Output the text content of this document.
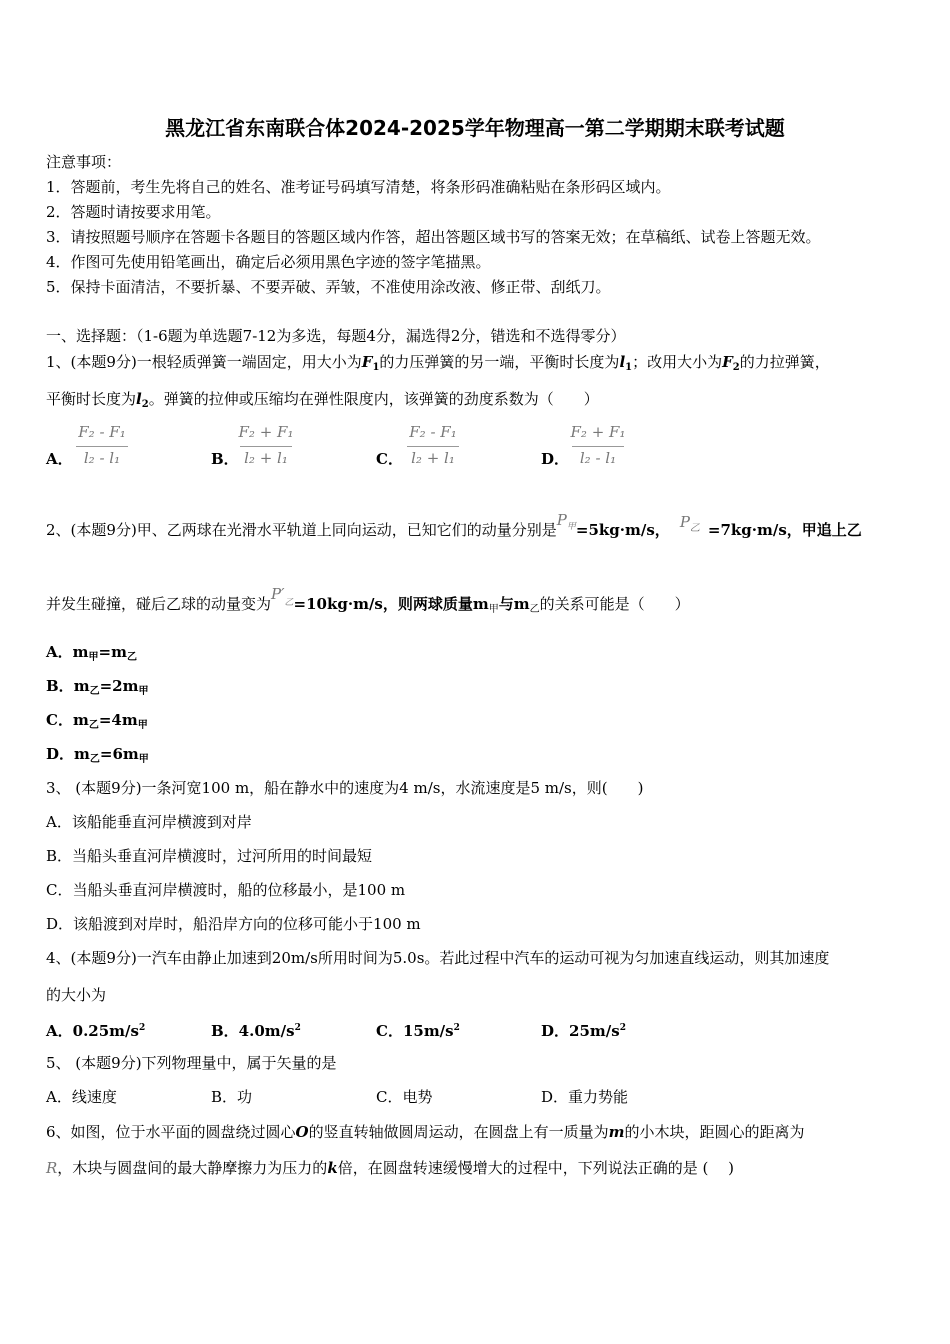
黑龙江省东南联合体2024-2025学年物理高一第二学期期末联考试题
注意事项：
1．答题前，考生先将自己的姓名、准考证号码填写清楚，将条形码准确粘贴在条形码区域内。
2．答题时请按要求用笔。
3．请按照题号顺序在答题卡各题目的答题区域内作答，超出答题区域书写的答案无效；在草稿纸、试卷上答题无效。
4．作图可先使用铅笔画出，确定后必须用黑色字迹的签字笔描黑。
5．保持卡面清洁，不要折暴、不要弄破、弄皱，不准使用涂改液、修正带、刮纸刀。
一、选择题：（1-6题为单选题7-12为多选，每题4分，漏选得2分，错选和不选得零分）
1、(本题9分)一根轻质弹簧一端固定，用大小为$F_1$的力压弹簧的另一端，平衡时长度为$l_1$；改用大小为$F_2$的力拉弹簧，
平衡时长度为$l_2$。弹簧的拉伸或压缩均在弹性限度内，该弹簧的劲度系数为（　　）
A．
F₂ - F₁
l₂ - l₁	B．
F₂ + F₁
l₂ + l₁	C．
F₂ - F₁
l₂ + l₁	D．
F₂ + F₁
l₂ - l₁
2、(本题9分)甲、乙两球在光滑水平轨道上同向运动，已知它们的动量分别是$P^甲=5kg\cdot m/s$， $P^乙 =7kg\cdot m/s$，甲追上乙
并发生碰撞，碰后乙球的动量变为$P'^乙=10kg\cdot m/s$，则两球质量$m_甲$与$m_乙$的关系可能是（　　）
A．$m_甲=m_乙$
B．$m_乙=2m_甲$
C．$m_乙=4m_甲$
D．$m_乙=6m_甲$
3、 (本题9分)一条河宽100 m，船在静水中的速度为4 m/s，水流速度是5 m/s，则(　　)
A．该船能垂直河岸横渡到对岸
B．当船头垂直河岸横渡时，过河所用的时间最短
C．当船头垂直河岸横渡时，船的位移最小，是100 m
D．该船渡到对岸时，船沿岸方向的位移可能小于100 m
4、(本题9分)一汽车由静止加速到20m/s所用时间为5.0s。若此过程中汽车的运动可视为匀加速直线运动，则其加速度
的大小为
A．$0.25m/s^2$	B．$4.0m/s^2$	C．$15m/s^2$	D．$25m/s^2$
5、 (本题9分)下列物理量中，属于矢量的是
A．线速度	B．功	C．电势	D．重力势能
6、如图，位于水平面的圆盘绕过圆心O的竖直转轴做圆周运动，在圆盘上有一质量为m的小木块，距圆心的距离为
R，木块与圆盘间的最大静摩擦力为压力的k倍，在圆盘转速缓慢增大的过程中，下列说法正确的是 (　 )
